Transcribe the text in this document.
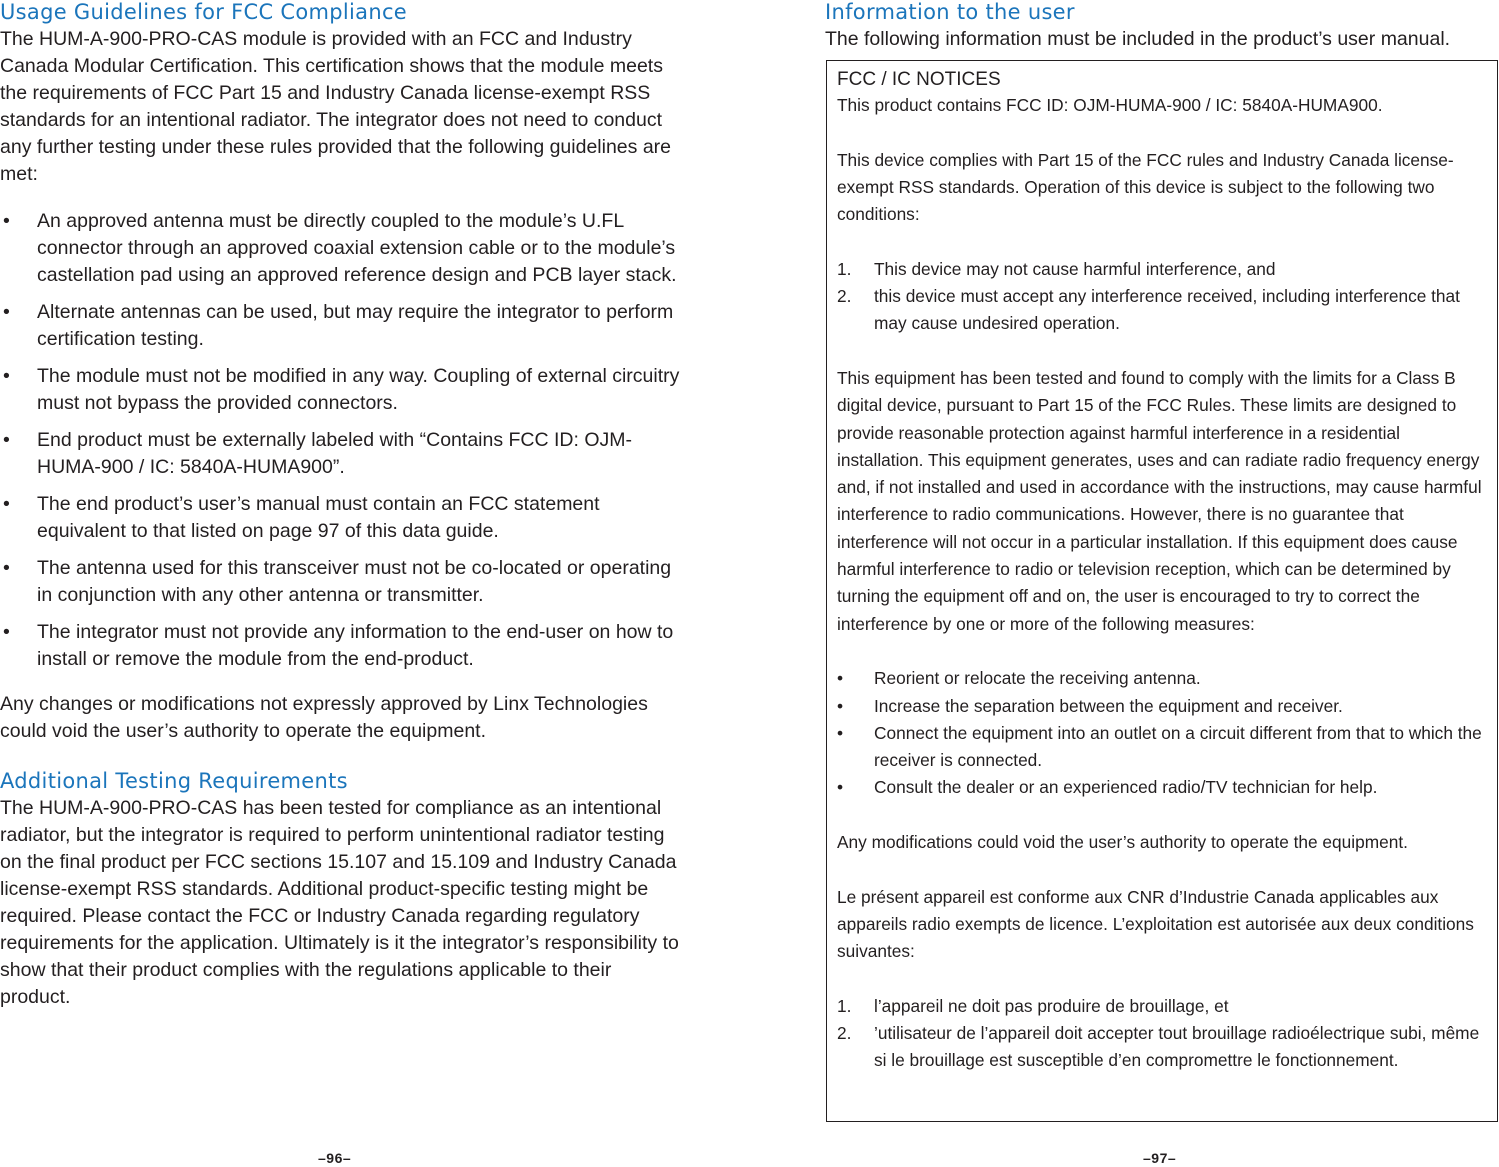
Usage Guidelines for FCC Compliance

The HUM-A-900-PRO-CAS module is provided with an FCC and Industry Canada Modular Certification. This certification shows that the module meets the requirements of FCC Part 15 and Industry Canada license-exempt RSS standards for an intentional radiator. The integrator does not need to conduct any further testing under these rules provided that the following guidelines are met:

• An approved antenna must be directly coupled to the module’s U.FL connector through an approved coaxial extension cable or to the module’s castellation pad using an approved reference design and PCB layer stack.
• Alternate antennas can be used, but may require the integrator to perform certification testing.
• The module must not be modified in any way. Coupling of external circuitry must not bypass the provided connectors.
• End product must be externally labeled with “Contains FCC ID: OJM-HUMA-900 / IC: 5840A-HUMA900”.
• The end product’s user’s manual must contain an FCC statement equivalent to that listed on page 97 of this data guide.
• The antenna used for this transceiver must not be co-located or operating in conjunction with any other antenna or transmitter.
• The integrator must not provide any information to the end-user on how to install or remove the module from the end-product.

Any changes or modifications not expressly approved by Linx Technologies could void the user’s authority to operate the equipment.

Additional Testing Requirements

The HUM-A-900-PRO-CAS has been tested for compliance as an intentional radiator, but the integrator is required to perform unintentional radiator testing on the final product per FCC sections 15.107 and 15.109 and Industry Canada license-exempt RSS standards. Additional product-specific testing might be required. Please contact the FCC or Industry Canada regarding regulatory requirements for the application. Ultimately is it the integrator’s responsibility to show that their product complies with the regulations applicable to their product.

Information to the user

The following information must be included in the product’s user manual.

FCC / IC NOTICES

This product contains FCC ID: OJM-HUMA-900 / IC: 5840A-HUMA900.

This device complies with Part 15 of the FCC rules and Industry Canada license-exempt RSS standards. Operation of this device is subject to the following two conditions:

1. This device may not cause harmful interference, and
2. this device must accept any interference received, including interference that may cause undesired operation.

This equipment has been tested and found to comply with the limits for a Class B digital device, pursuant to Part 15 of the FCC Rules. These limits are designed to provide reasonable protection against harmful interference in a residential installation. This equipment generates, uses and can radiate radio frequency energy and, if not installed and used in accordance with the instructions, may cause harmful interference to radio communications. However, there is no guarantee that interference will not occur in a particular installation. If this equipment does cause harmful interference to radio or television reception, which can be determined by turning the equipment off and on, the user is encouraged to try to correct the interference by one or more of the following measures:

• Reorient or relocate the receiving antenna.
• Increase the separation between the equipment and receiver.
• Connect the equipment into an outlet on a circuit different from that to which the receiver is connected.
• Consult the dealer or an experienced radio/TV technician for help.

Any modifications could void the user’s authority to operate the equipment.

Le présent appareil est conforme aux CNR d’Industrie Canada applicables aux appareils radio exempts de licence. L’exploitation est autorisée aux deux conditions suivantes:

1. l’appareil ne doit pas produire de brouillage, et
2. ’utilisateur de l’appareil doit accepter tout brouillage radioélectrique subi, même si le brouillage est susceptible d’en compromettre le fonctionnement.
–96–	–97–
